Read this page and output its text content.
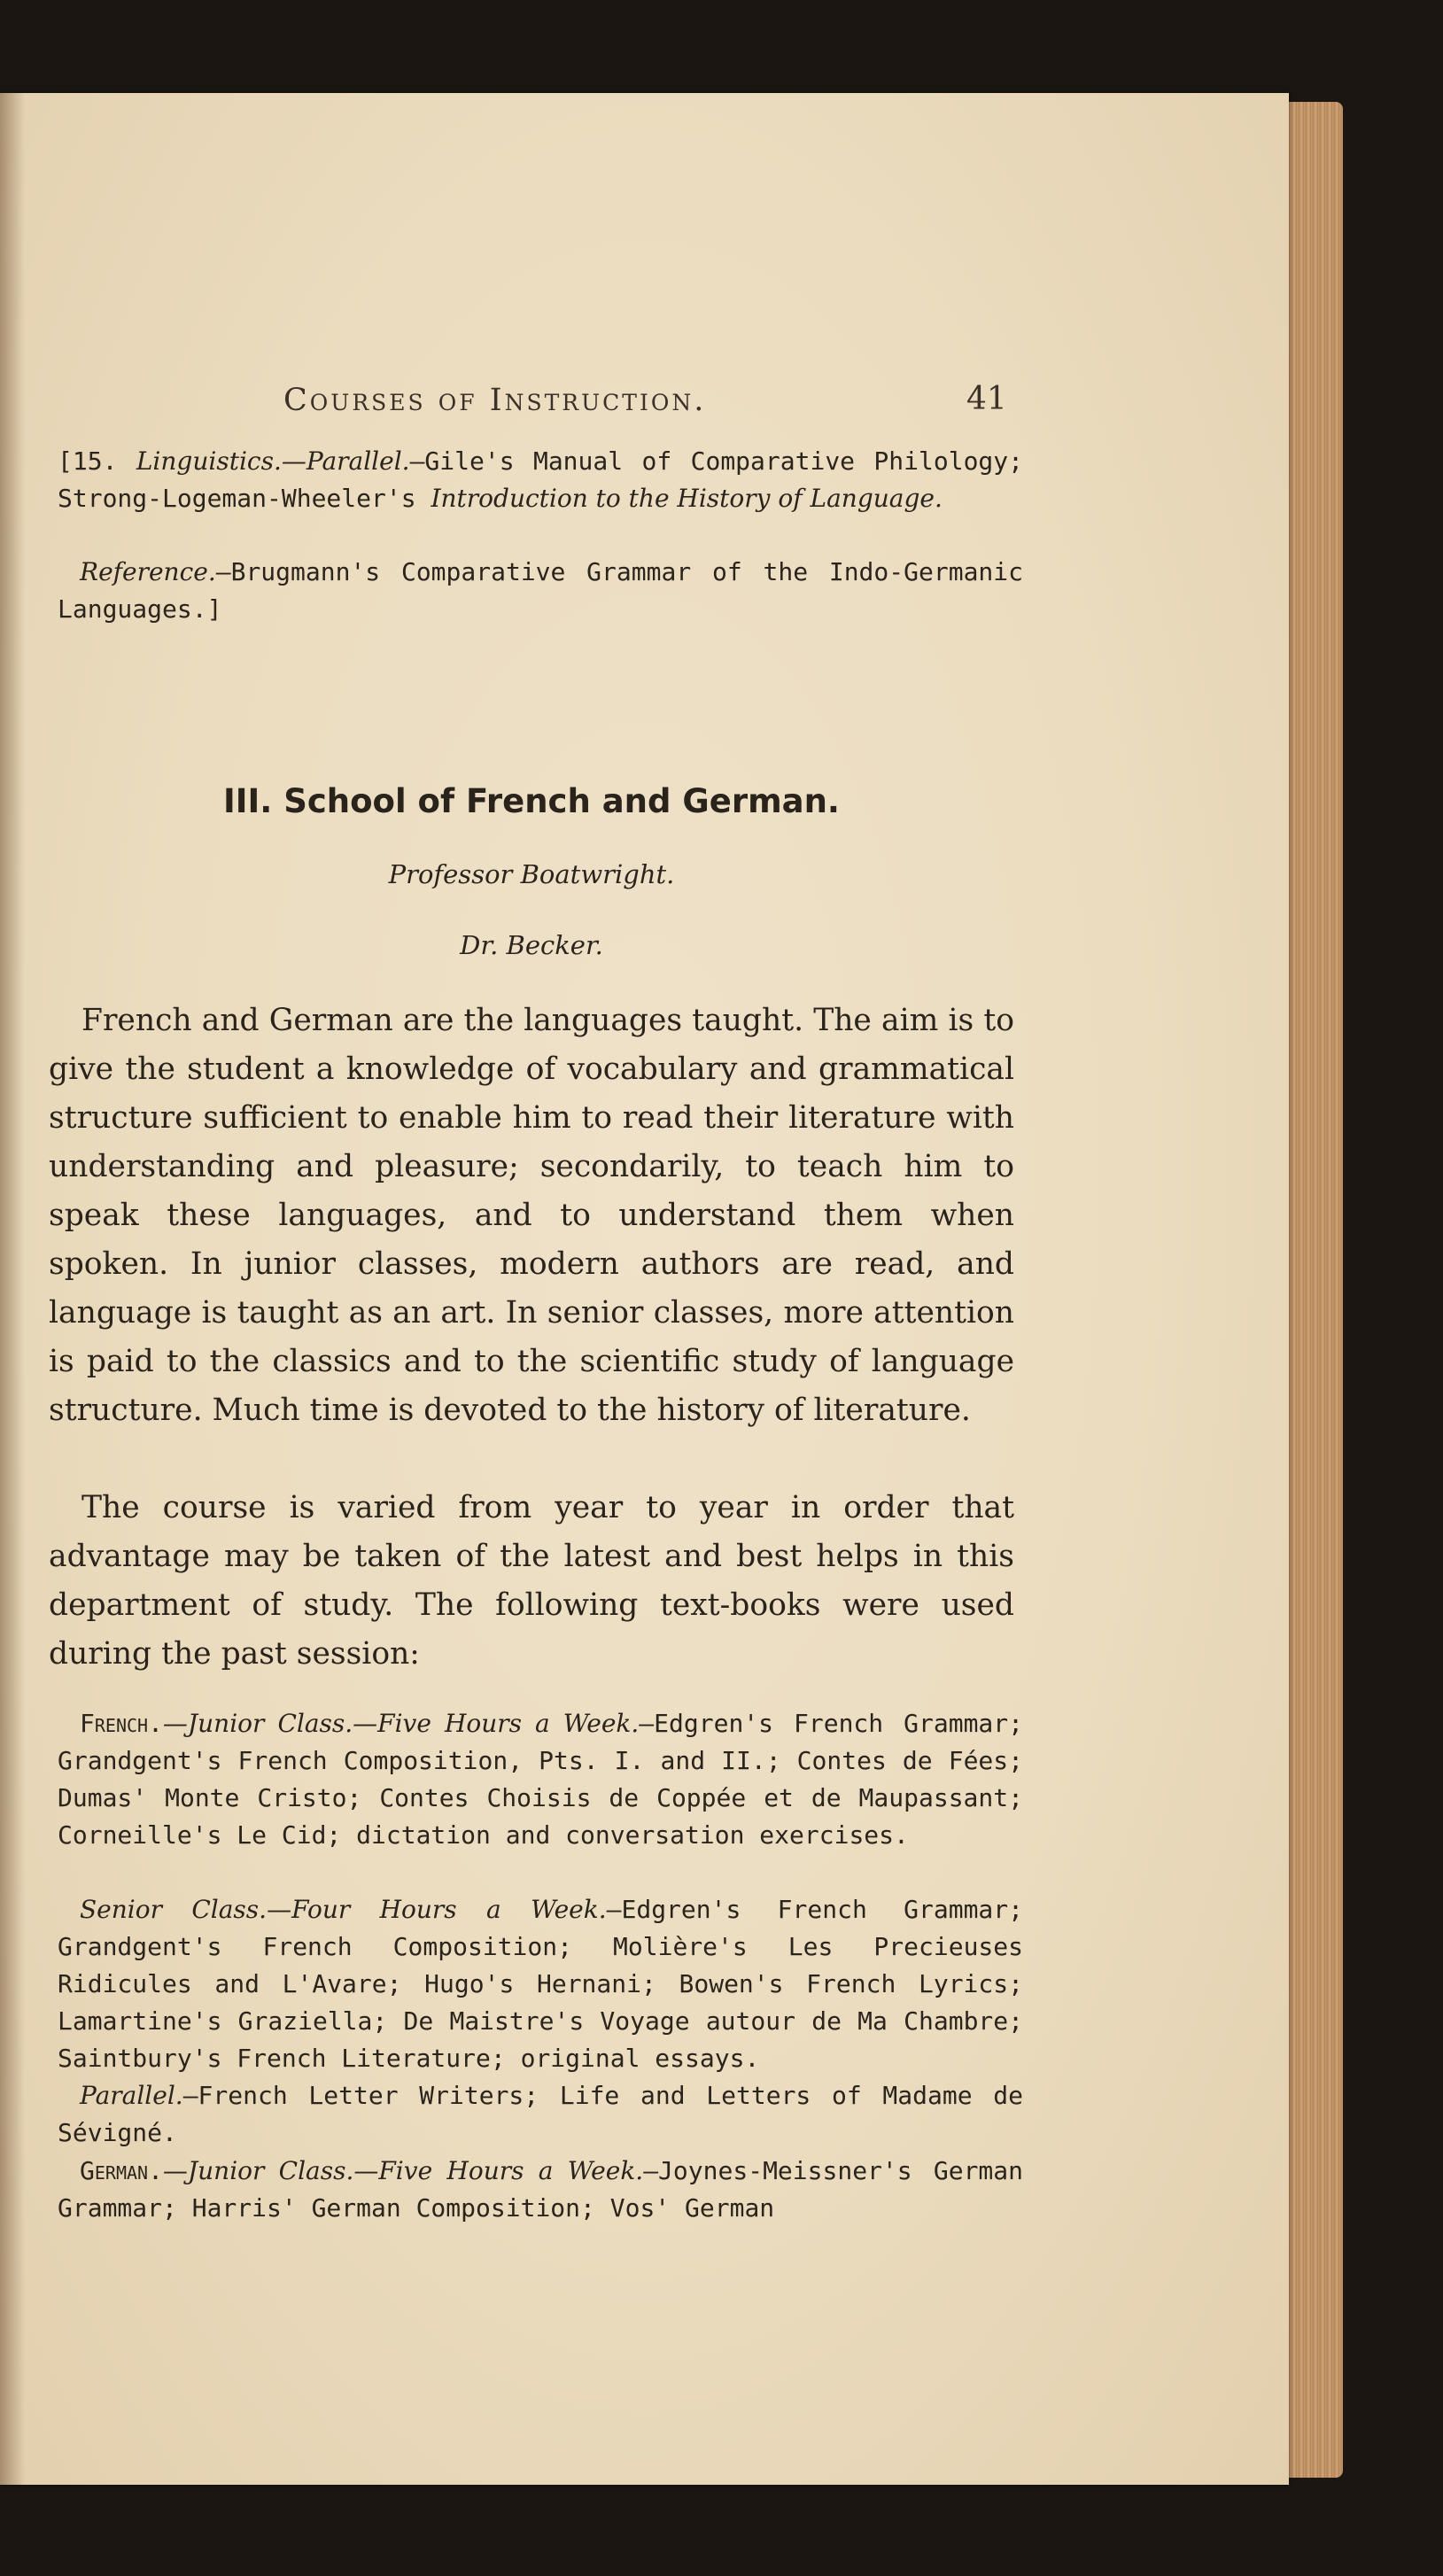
Courses of Instruction.	41
[15. Linguistics.—Parallel.—Gile's Manual of Comparative Philology; Strong-Logeman-Wheeler's Introduction to the History of Language.
Reference.—Brugmann's Comparative Grammar of the Indo-Germanic Languages.]
III. School of French and German.
Professor Boatwright.
Dr. Becker.

French and German are the languages taught. The aim is to give the student a knowledge of vocabulary and grammatical structure sufficient to enable him to read their literature with understanding and pleasure; secondarily, to teach him to speak these languages, and to understand them when spoken. In junior classes, modern authors are read, and language is taught as an art. In senior classes, more attention is paid to the classics and to the scientific study of language structure. Much time is devoted to the history of literature.

The course is varied from year to year in order that advantage may be taken of the latest and best helps in this department of study. The following text-books were used during the past session:

French.—Junior Class.—Five Hours a Week.—Edgren's French Grammar; Grandgent's French Composition, Pts. I. and II.; Contes de Fées; Dumas' Monte Cristo; Contes Choisis de Coppée et de Maupassant; Corneille's Le Cid; dictation and conversation exercises.
Senior Class.—Four Hours a Week.—Edgren's French Grammar; Grandgent's French Composition; Molière's Les Precieuses Ridicules and L'Avare; Hugo's Hernani; Bowen's French Lyrics; Lamartine's Graziella; De Maistre's Voyage autour de Ma Chambre; Saintbury's French Literature; original essays.
Parallel.—French Letter Writers; Life and Letters of Madame de Sévigné.
German.—Junior Class.—Five Hours a Week.—Joynes-Meissner's German Grammar; Harris' German Composition; Vos' German
